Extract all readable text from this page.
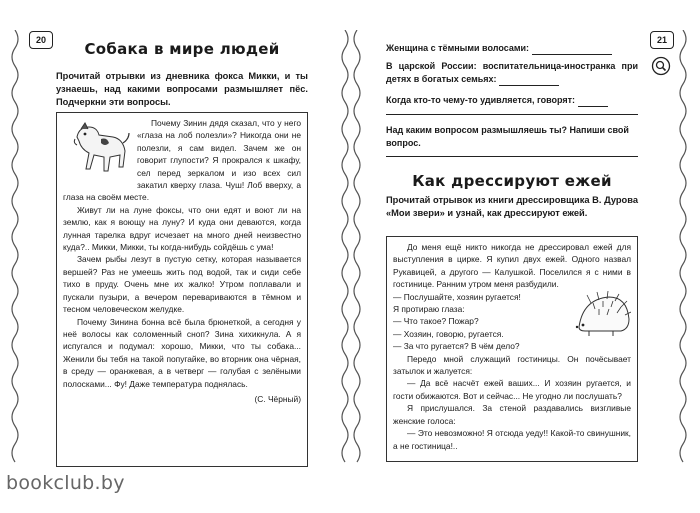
20	21
Собака в мире людей
Прочитай отрывки из дневника фокса Микки, и ты узнаешь, над какими вопросами размышляет пёс. Подчеркни эти вопросы.

Почему Зинин дядя сказал, что у него «глаза на лоб полезли»? Никогда они не полезли, я сам видел. Зачем же он говорит глупости? Я прокрался к шкафу, сел перед зеркалом и изо всех сил закатил кверху глаза. Чуш! Лоб вверху, а глаза на своём месте.

Живут ли на луне фоксы, что они едят и воют ли на землю, как я воющу на луну? И куда они деваются, когда лунная тарелка вдруг исчезает на много дней неизвестно куда?.. Микки, Микки, ты когда-нибудь сойдёшь с ума!

Зачем рыбы лезут в пустую сетку, которая называется вершей? Раз не умеешь жить под водой, так и сиди себе тихо в пруду. Очень мне их жалко! Утром поплавали и пускали пузыри, а вечером перевариваются в тёмном и тесном человеческом желудке.

Почему Зинина бонна всё была брюнеткой, а сегодня у неё волосы как соломенный сноп? Зина хихикнула. А я испугался и подумал: хорошо, Микки, что ты собака... Женили бы тебя на такой попугайке, во вторник она чёрная, в среду — оранжевая, а в четверг — голубая с зелёными полосками... Фу! Даже температура поднялась.

(С. Чёрный)
Женщина с тёмными волосами:
В царской России: воспитательница-иностранка при детях в богатых семьях:
Когда кто-то чему-то удивляется, говорят:
Над каким вопросом размышляешь ты? Напиши свой вопрос.
Как дрессируют ежей
Прочитай отрывок из книги дрессировщика В. Дурова «Мои звери» и узнай, как дрессируют ежей.

До меня ещё никто никогда не дрессировал ежей для выступления в цирке. Я купил двух ежей. Одного назвал Рукавицей, а другого — Калушкой. Поселился я с ними в гостинице. Ранним утром меня разбудили.

— Послушайте, хозяин ругается!

Я протираю глаза:

— Что такое? Пожар?

— Хозяин, говорю, ругается.

— За что ругается? В чём дело?

Передо мной служащий гостиницы. Он почёсывает затылок и жалуется:

— Да всё насчёт ежей ваших... И хозяин ругается, и гости обижаются. Вот и сейчас... Не угодно ли послушать?

Я прислушался. За стеной раздавались визгливые женские голоса:

— Это невозможно! Я отсюда уеду!! Какой-то свинушник, а не гостиница!..

bookclub.by
